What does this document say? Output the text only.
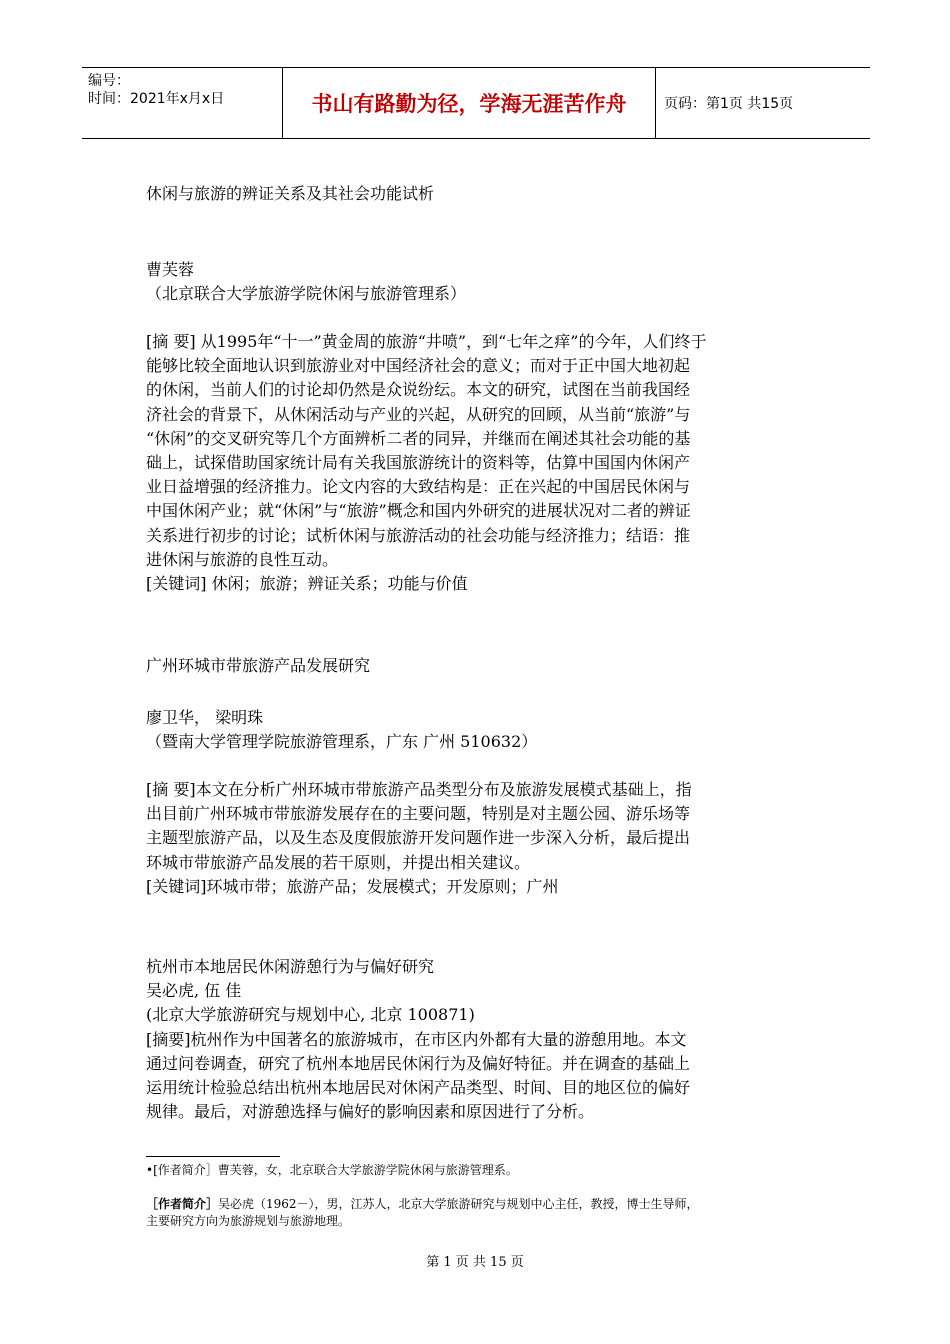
编号：
时间：2021年x月x日	书山有路勤为径，学海无涯苦作舟	页码：第1页 共15页
休闲与旅游的辨证关系及其社会功能试析
曹芙蓉
（北京联合大学旅游学院休闲与旅游管理系）
[摘 要] 从1995年“十一”黄金周的旅游“井喷”，到“七年之痒”的今年，人们终于
能够比较全面地认识到旅游业对中国经济社会的意义；而对于正中国大地初起
的休闲，当前人们的讨论却仍然是众说纷纭。本文的研究，试图在当前我国经
济社会的背景下，从休闲活动与产业的兴起，从研究的回顾，从当前“旅游”与
“休闲”的交叉研究等几个方面辨析二者的同异，并继而在阐述其社会功能的基
础上，试探借助国家统计局有关我国旅游统计的资料等，估算中国国内休闲产
业日益增强的经济推力。论文内容的大致结构是：正在兴起的中国居民休闲与
中国休闲产业；就“休闲”与“旅游”概念和国内外研究的进展状况对二者的辨证
关系进行初步的讨论；试析休闲与旅游活动的社会功能与经济推力；结语：推
进休闲与旅游的良性互动。
[关键词] 休闲；旅游；辨证关系；功能与价值
广州环城市带旅游产品发展研究
廖卫华， 梁明珠
（暨南大学管理学院旅游管理系，广东 广州 510632）
[摘 要]本文在分析广州环城市带旅游产品类型分布及旅游发展模式基础上，指
出目前广州环城市带旅游发展存在的主要问题，特别是对主题公园、游乐场等
主题型旅游产品，以及生态及度假旅游开发问题作进一步深入分析，最后提出
环城市带旅游产品发展的若干原则，并提出相关建议。
[关键词]环城市带；旅游产品；发展模式；开发原则；广州
杭州市本地居民休闲游憩行为与偏好研究
吴必虎, 伍 佳
(北京大学旅游研究与规划中心, 北京 100871)
[摘要]杭州作为中国著名的旅游城市，在市区内外都有大量的游憩用地。本文
通过问卷调查，研究了杭州本地居民休闲行为及偏好特征。并在调查的基础上
运用统计检验总结出杭州本地居民对休闲产品类型、时间、目的地区位的偏好
规律。最后，对游憩选择与偏好的影响因素和原因进行了分析。
•[作者简介］曹芙蓉，女，北京联合大学旅游学院休闲与旅游管理系。
［作者简介］吴必虎（1962－），男，江苏人，北京大学旅游研究与规划中心主任，教授，博士生导师，
主要研究方向为旅游规划与旅游地理。
第 1 页 共 15 页
